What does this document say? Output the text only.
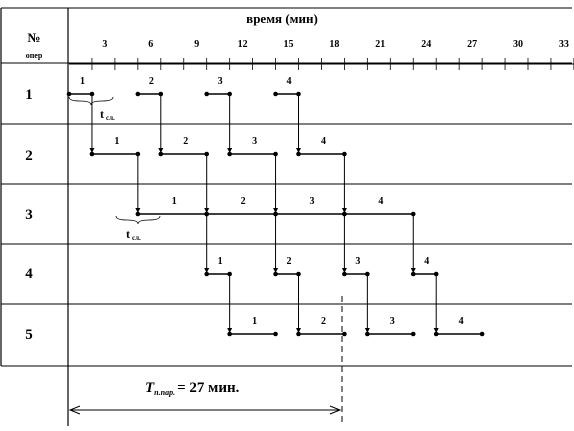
время (мин)
№
опер
3	6	9	12	15	18	21	24	27	30	33
1
2
3
4
5
1	2	3	4
1	2	3	4
1	2	3	4
1	2	3	4
1	2	3	4
tсл.
tсл.
$T_{п.пар.} = 27$ мин.
